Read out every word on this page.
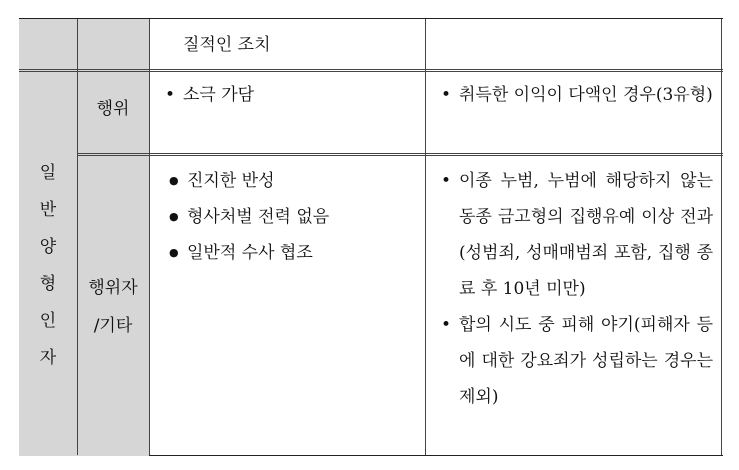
질적인 조치
일
반
양
형
인
자
행위
• 소극 가담	• 취득한 이익이 다액인 경우(3유형)
행위자
/기타
● 진지한 반성
● 형사처벌 전력 없음
● 일반적 수사 협조
• 이종 누범, 누범에 해당하지 않는 동종 금고형의 집행유예 이상 전과(성범죄, 성매매범죄 포함, 집행 종료 후 10년 미만)
• 합의 시도 중 피해 야기(피해자 등에 대한 강요죄가 성립하는 경우는 제외)
